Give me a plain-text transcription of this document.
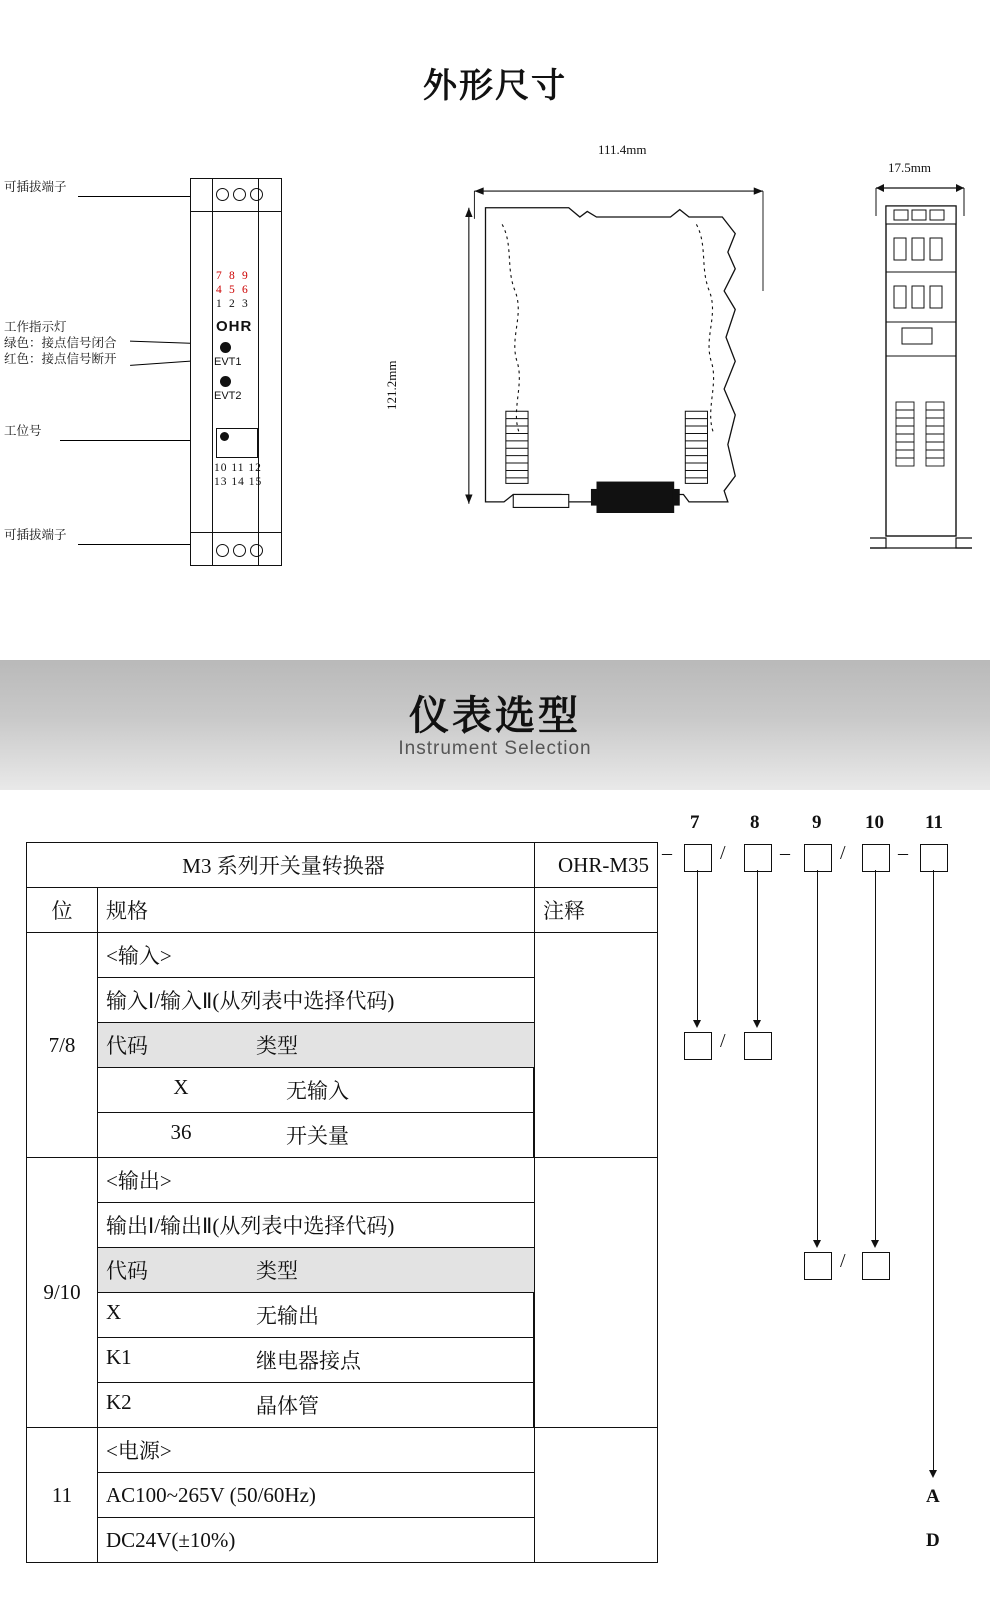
外形尺寸
可插拔端子
工作指示灯
绿色：接点信号闭合
红色：接点信号断开
工位号
可插拔端子
7 8 9
4 5 6
1 2 3
OHR
EVT1
EVT2
10 11 12
13 14 15
111.4mm
121.2mm
17.5mm
仪表选型
Instrument Selection
M3 系列开关量转换器	OHR-M35
位	规格	注释
7/8	<输入>	
输入Ⅰ/输入Ⅱ(从列表中选择代码)

代码	类型

X	无输入

36	开关量

9/10	<输出>	
输出Ⅰ/输出Ⅱ(从列表中选择代码)

代码	类型

X	无输出

K1	继电器接点

K2	晶体管

11	<电源>	
AC100~265V (50/60Hz)
DC24V(±10%)
7	8	9 10 11
– /	–	/	–
/
/
A
D
